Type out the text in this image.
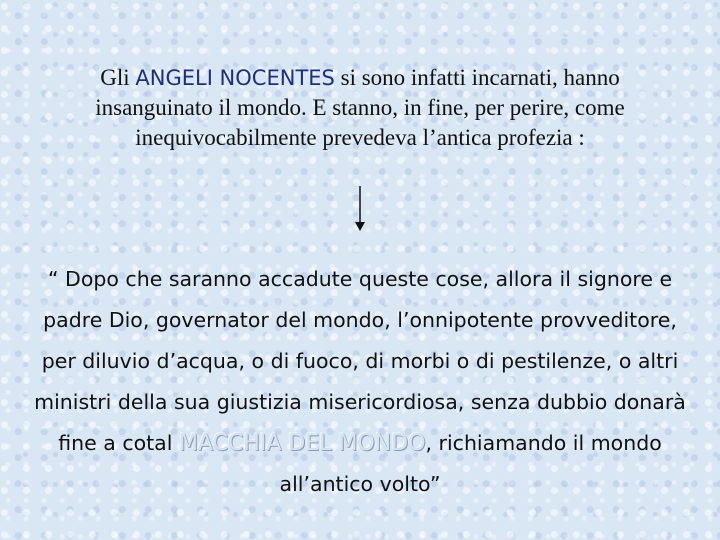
Gli ANGELI NOCENTES si sono infatti incarnati, hanno insanguinato il mondo. E stanno, in fine, per perire, come inequivocabilmente prevedeva l’antica profezia :

“ Dopo che saranno accadute queste cose, allora il signore e padre Dio, governator del mondo, l’onnipotente provveditore, per diluvio d’acqua, o di fuoco, di morbi o di pestilenze, o altri ministri della sua giustizia misericordiosa, senza dubbio donarà fine a cotal MACCHIA DEL MONDO, richiamando il mondo all’antico volto”
